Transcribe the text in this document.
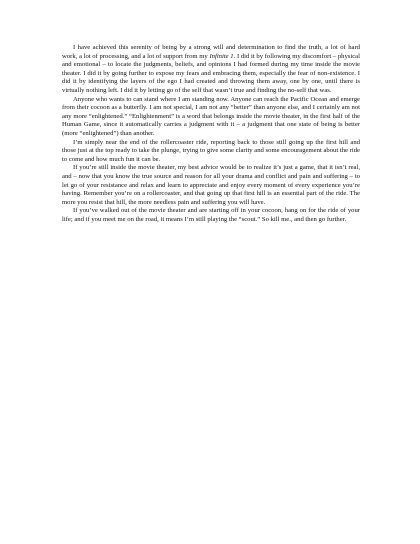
I have achieved this serenity of being by a strong will and determination to find the truth, a lot of hard work, a lot of processing, and a lot of support from my Infinite 1. I did it by following my discomfort – physical and emotional – to locate the judgments, beliefs, and opinions I had formed during my time inside the movie theater. I did it by going further to expose my fears and embracing them, especially the fear of non-existence. I did it by identifying the layers of the ego I had created and throwing them away, one by one, until there is virtually nothing left. I did it by letting go of the self that wasn’t true and finding the no-self that was.

Anyone who wants to can stand where I am standing now. Anyone can reach the Pacific Ocean and emerge from their cocoon as a butterfly. I am not special, I am not any “better” than anyone else, and I certainly am not any more “enlightened.” “Enlightenment” is a word that belongs inside the movie theater, in the first half of the Human Game, since it automatically carries a judgment with it – a judgment that one state of being is better (more “enlightened”) than another.

I’m simply near the end of the rollercoaster ride, reporting back to those still going up the first hill and those just at the top ready to take the plunge, trying to give some clarity and some encouragement about the ride to come and how much fun it can be.

If you’re still inside the movie theater, my best advice would be to realize it’s just a game, that it isn’t real, and – now that you know the true source and reason for all your drama and conflict and pain and suffering – to let go of your resistance and relax and learn to appreciate and enjoy every moment of every experience you’re having. Remember you’re on a rollercoaster, and that going up that first hill is an essential part of the ride. The more you resist that hill, the more needless pain and suffering you will have.

If you’ve walked out of the movie theater and are starting off in your cocoon, hang on for the ride of your life; and if you meet me on the road, it means I’m still playing the “scout.” So kill me., and then go further.
